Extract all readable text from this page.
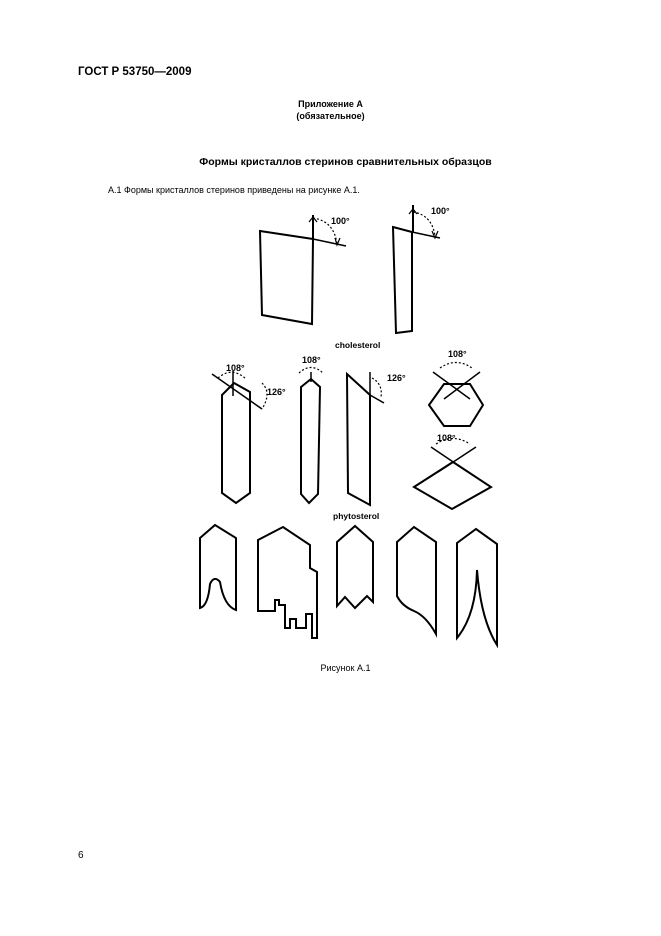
ГОСТ Р 53750—2009
Приложение А
(обязательное)
Формы кристаллов стеринов сравнительных образцов
А.1 Формы кристаллов стеринов приведены на рисунке А.1.
100°
100°
cholesterol
108°
126°
108°
126°
108°
108°
phytosterol
Рисунок А.1
6
